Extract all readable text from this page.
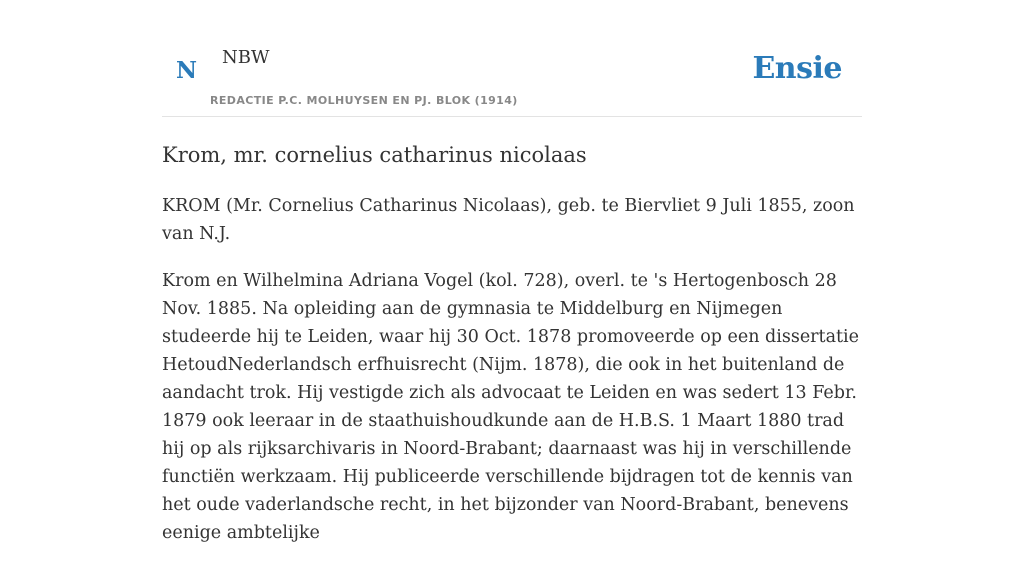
N NBW
REDACTIE P.C. MOLHUYSEN EN PJ. BLOK (1914)
Ensie
Krom, mr. cornelius catharinus nicolaas

KROM (Mr. Cornelius Catharinus Nicolaas), geb. te Biervliet 9 Juli 1855, zoon van N.J.

Krom en Wilhelmina Adriana Vogel (kol. 728), overl. te 's Hertogenbosch 28 Nov. 1885. Na opleiding aan de gymnasia te Middelburg en Nijmegen studeerde hij te Leiden, waar hij 30 Oct. 1878 promoveerde op een dissertatie HetoudNederlandsch erfhuisrecht (Nijm. 1878), die ook in het buitenland de aandacht trok. Hij vestigde zich als advocaat te Leiden en was sedert 13 Febr. 1879 ook leeraar in de staathuishoudkunde aan de H.B.S. 1 Maart 1880 trad hij op als rijksarchivaris in Noord-Brabant; daarnaast was hij in verschillende functiën werkzaam. Hij publiceerde verschillende bijdragen tot de kennis van het oude vaderlandsche recht, in het bijzonder van Noord-Brabant, benevens eenige ambtelijke
